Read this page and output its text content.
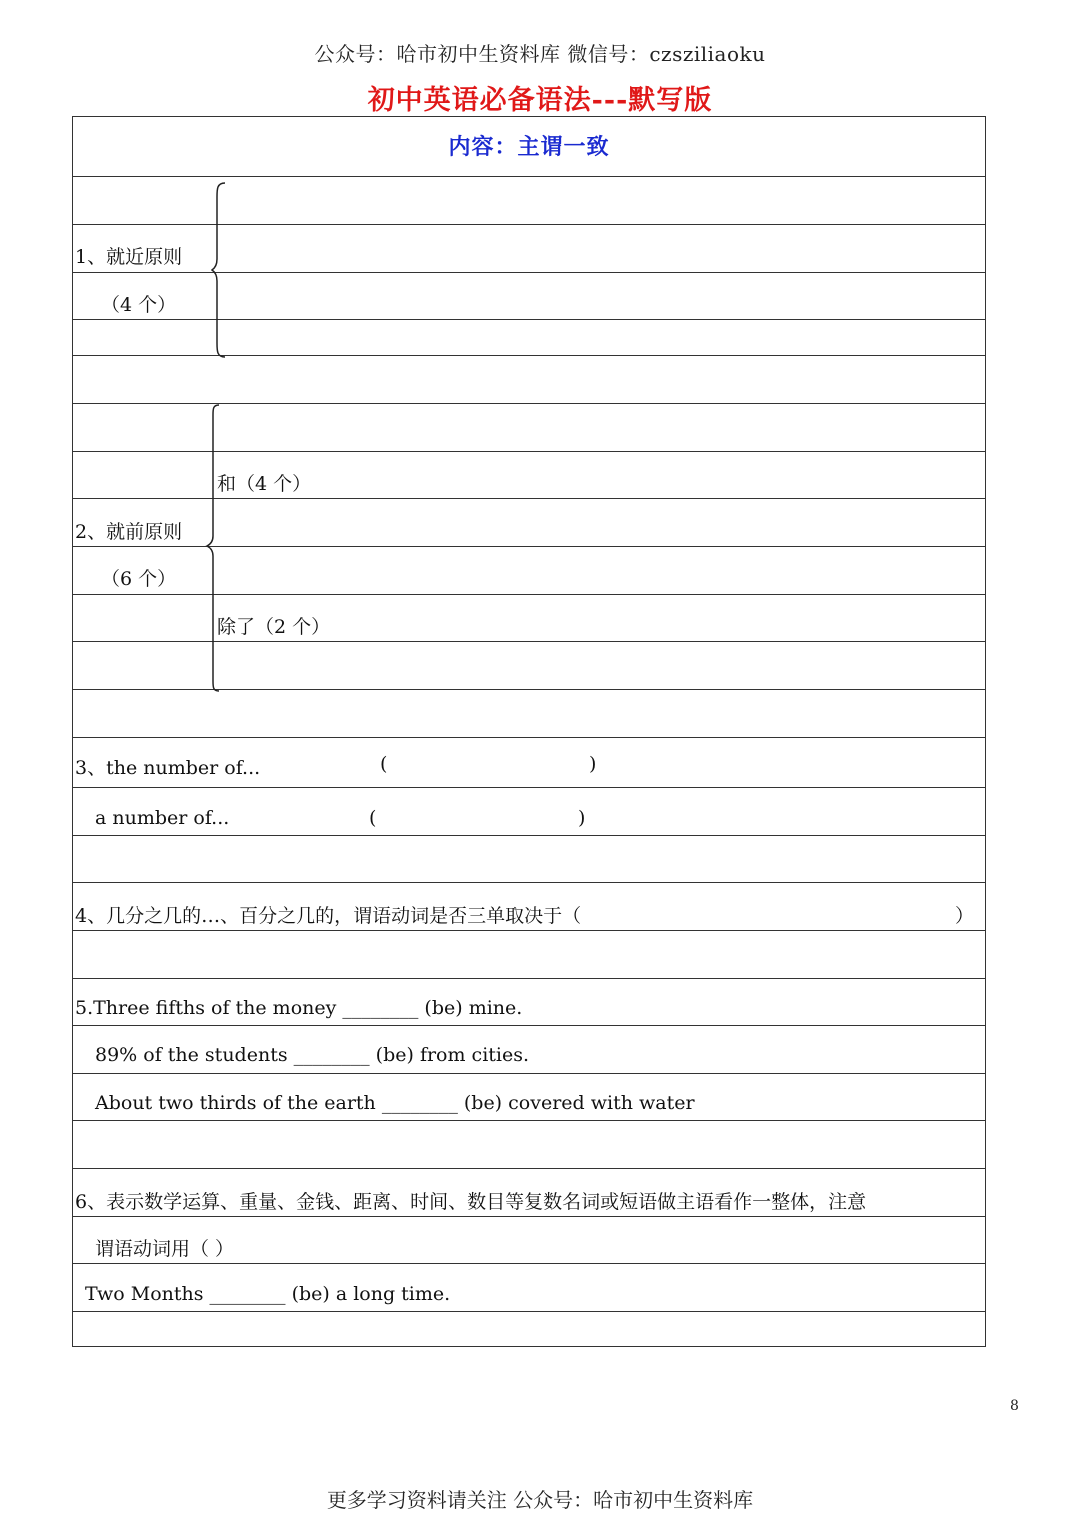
公众号：哈市初中生资料库 微信号：czsziliaoku
初中英语必备语法---默写版
内容：主谓一致
1、就近原则
（4 个）
和（4 个）
2、就前原则
（6 个）
除了（2 个）
3、the number of...	(	)
a number of...	(	)
4、几分之几的…、百分之几的，谓语动词是否三单取决于（	）
5.Three fifths of the money ________ (be) mine.
89% of the students ________ (be) from cities.
About two thirds of the earth ________ (be) covered with water
6、表示数学运算、重量、金钱、距离、时间、数目等复数名词或短语做主语看作一整体，注意
谓语动词用（ ）
Two Months ________ (be) a long time.
8
更多学习资料请关注 公众号：哈市初中生资料库
